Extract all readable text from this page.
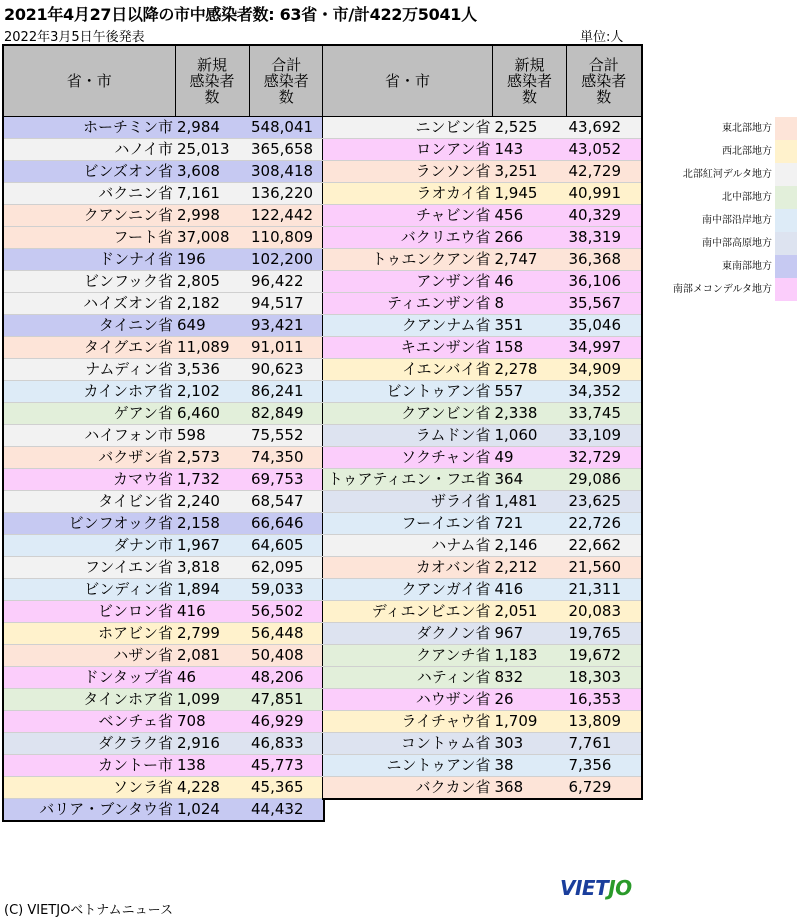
2021年4月27日以降の市中感染者数: 63省・市/計422万5041人
2022年3月5日午後発表	単位:人
省・市	新規
感染者
数	合計
感染者
数
ホーチミン市	2,984	548,041
ハノイ市	25,013	365,658
ビンズオン省	3,608	308,418
バクニン省	7,161	136,220
クアンニン省	2,998	122,442
フート省	37,008	110,809
ドンナイ省	196	102,200
ビンフック省	2,805	96,422
ハイズオン省	2,182	94,517
タイニン省	649	93,421
タイグエン省	11,089	91,011
ナムディン省	3,536	90,623
カインホア省	2,102	86,241
ゲアン省	6,460	82,849
ハイフォン市	598	75,552
バクザン省	2,573	74,350
カマウ省	1,732	69,753
タイビン省	2,240	68,547
ビンフオック省	2,158	66,646
ダナン市	1,967	64,605
フンイエン省	3,818	62,095
ビンディン省	1,894	59,033
ビンロン省	416	56,502
ホアビン省	2,799	56,448
ハザン省	2,081	50,408
ドンタップ省	46	48,206
タインホア省	1,099	47,851
ベンチェ省	708	46,929
ダクラク省	2,916	46,833
カントー市	138	45,773
ソンラ省	4,228	45,365
バリア・ブンタウ省	1,024	44,432
省・市	新規
感染者
数	合計
感染者
数
ニンビン省	2,525	43,692
ロンアン省	143	43,052
ランソン省	3,251	42,729
ラオカイ省	1,945	40,991
チャビン省	456	40,329
バクリエウ省	266	38,319
トゥエンクアン省	2,747	36,368
アンザン省	46	36,106
ティエンザン省	8	35,567
クアンナム省	351	35,046
キエンザン省	158	34,997
イエンバイ省	2,278	34,909
ビントゥアン省	557	34,352
クアンビン省	2,338	33,745
ラムドン省	1,060	33,109
ソクチャン省	49	32,729
トゥアティエン・フエ省	364	29,086
ザライ省	1,481	23,625
フーイエン省	721	22,726
ハナム省	2,146	22,662
カオバン省	2,212	21,560
クアンガイ省	416	21,311
ディエンビエン省	2,051	20,083
ダクノン省	967	19,765
クアンチ省	1,183	19,672
ハティン省	832	18,303
ハウザン省	26	16,353
ライチャウ省	1,709	13,809
コントゥム省	303	7,761
ニントゥアン省	38	7,356
バクカン省	368	6,729
東北部地方
西北部地方
北部紅河デルタ地方
北中部地方
南中部沿岸地方
南中部高原地方
東南部地方
南部メコンデルタ地方
VIETJO
(C) VIETJOベトナムニュース
